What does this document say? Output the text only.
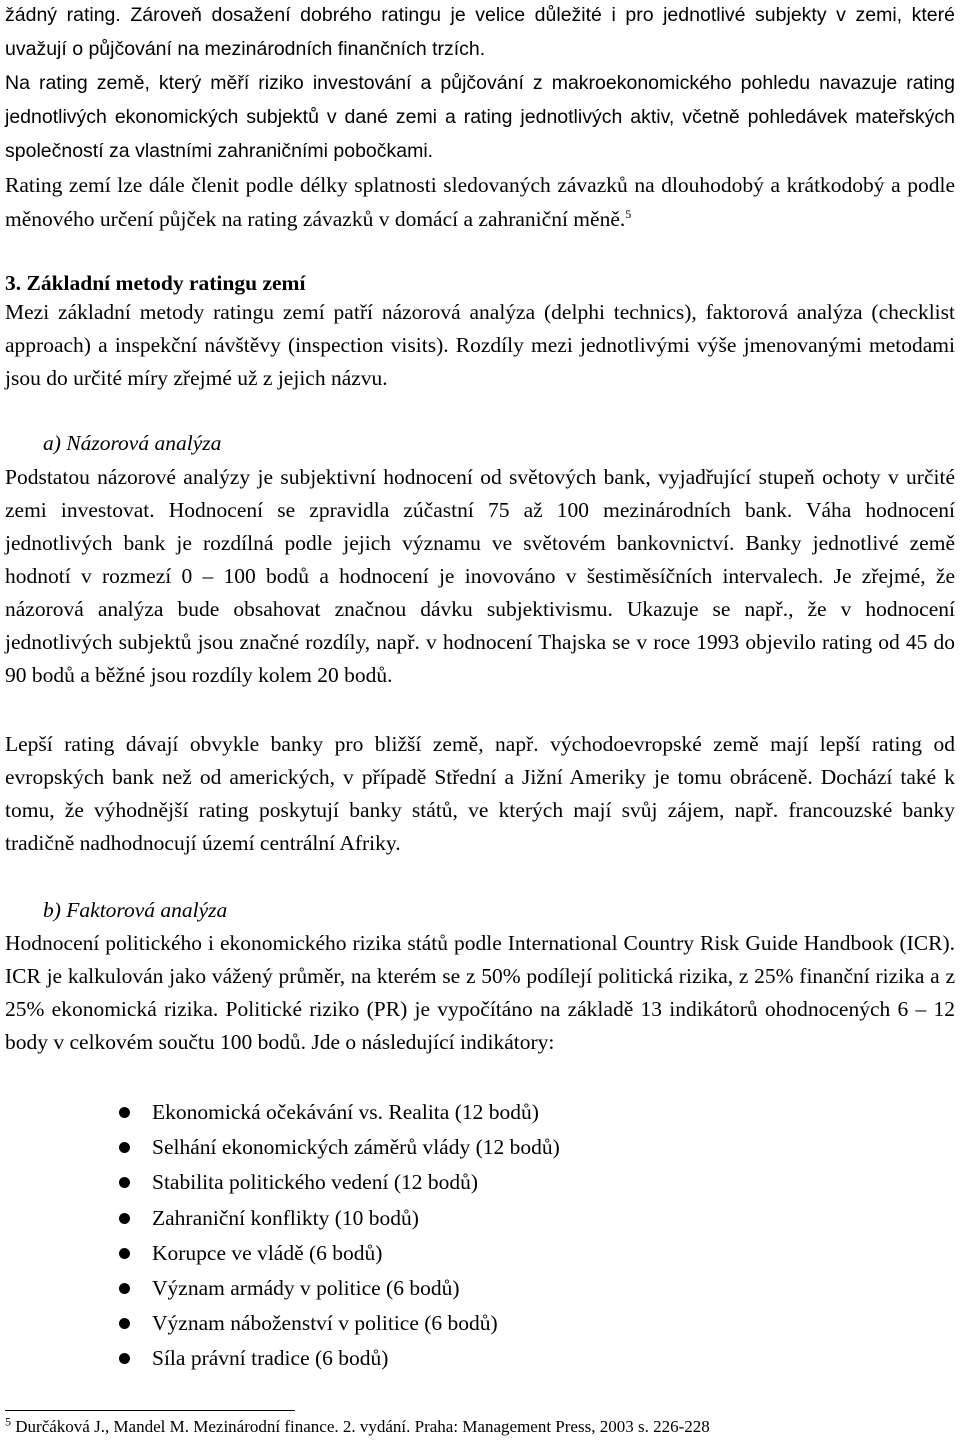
žádný rating. Zároveň dosažení dobrého ratingu je velice důležité i pro jednotlivé subjekty v zemi, které uvažují o půjčování na mezinárodních finančních trzích.
Na rating země, který měří riziko investování a půjčování z makroekonomického pohledu navazuje rating jednotlivých ekonomických subjektů v dané zemi a rating jednotlivých aktiv, včetně pohledávek mateřských společností za vlastními zahraničními pobočkami.
Rating zemí lze dále členit podle délky splatnosti sledovaných závazků na dlouhodobý a krátkodobý a podle měnového určení půjček na rating závazků v domácí a zahraniční měně.$^5$
3. Základní metody ratingu zemí
Mezi základní metody ratingu zemí patří názorová analýza (delphi technics), faktorová analýza (checklist approach) a inspekční návštěvy (inspection visits). Rozdíly mezi jednotlivými výše jmenovanými metodami jsou do určité míry zřejmé už z jejich názvu.
a) Názorová analýza
Podstatou názorové analýzy je subjektivní hodnocení od světových bank, vyjadřující stupeň ochoty v určité zemi investovat. Hodnocení se zpravidla zúčastní 75 až 100 mezinárodních bank. Váha hodnocení jednotlivých bank je rozdílná podle jejich významu ve světovém bankovnictví. Banky jednotlivé země hodnotí v rozmezí 0 – 100 bodů a hodnocení je inovováno v šestiměsíčních intervalech. Je zřejmé, že názorová analýza bude obsahovat značnou dávku subjektivismu. Ukazuje se např., že v hodnocení jednotlivých subjektů jsou značné rozdíly, např. v hodnocení Thajska se v roce 1993 objevilo rating od 45 do 90 bodů a běžné jsou rozdíly kolem 20 bodů.
Lepší rating dávají obvykle banky pro bližší země, např. východoevropské země mají lepší rating od evropských bank než od amerických, v případě Střední a Jižní Ameriky je tomu obráceně. Dochází také k tomu, že výhodnější rating poskytují banky států, ve kterých mají svůj zájem, např. francouzské banky tradičně nadhodnocují území centrální Afriky.
b) Faktorová analýza
Hodnocení politického i ekonomického rizika států podle International Country Risk Guide Handbook (ICR). ICR je kalkulován jako vážený průměr, na kterém se z 50% podílejí politická rizika, z 25% finanční rizika a z 25% ekonomická rizika. Politické riziko (PR) je vypočítáno na základě 13 indikátorů ohodnocených 6 – 12 body v celkovém součtu 100 bodů. Jde o následující indikátory:
Ekonomická očekávání vs. Realita (12 bodů)
Selhání ekonomických záměrů vlády (12 bodů)
Stabilita politického vedení (12 bodů)
Zahraniční konflikty (10 bodů)
Korupce ve vládě (6 bodů)
Význam armády v politice (6 bodů)
Význam náboženství v politice (6 bodů)
Síla právní tradice (6 bodů)
$^5$ Durčáková J., Mandel M. Mezinárodní finance. 2. vydání. Praha: Management Press, 2003 s. 226-228
